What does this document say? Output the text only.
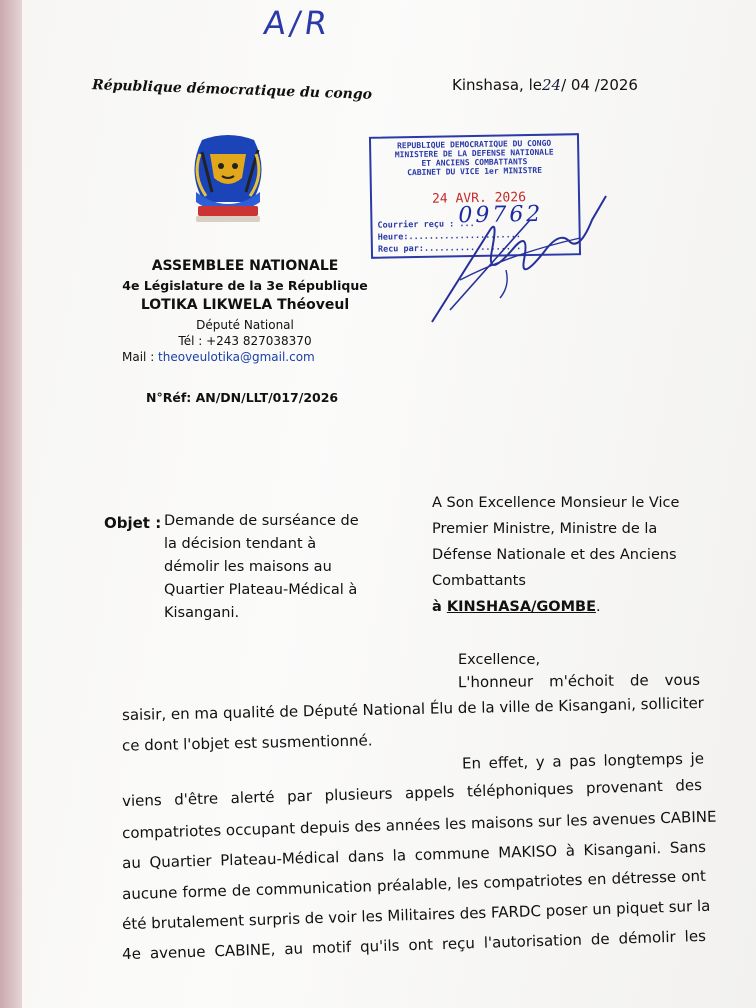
A/R
République démocratique du congo	Kinshasa, le24/ 04 /2026
REPUBLIQUE DEMOCRATIQUE DU CONGO
MINISTERE DE LA DEFENSE NATIONALE
ET ANCIENS COMBATTANTS
CABINET DU VICE 1er MINISTRE
24 AVR. 2026
Courrier reçu : ...
09762
Heure:......................
Recu par:...................
ASSEMBLEE NATIONALE
4e Législature de la 3e République
LOTIKA LIKWELA Théoveul
Député National
Tél : +243 827038370
Mail : theoveulotika@gmail.com
N°Réf: AN/DN/LLT/017/2026
Objet : Demande de surséance de
la décision tendant à
démolir les maisons au
Quartier Plateau-Médical à
Kisangani.
A Son Excellence Monsieur le Vice
Premier Ministre, Ministre de la
Défense Nationale et des Anciens
Combattants
à KINSHASA/GOMBE.
Excellence,
L'honneur m'échoit de vous
saisir, en ma qualité de Député National Élu de la ville de Kisangani, solliciter
ce dont l'objet est susmentionné.
En effet, y a pas longtemps je
viens d'être alerté par plusieurs appels téléphoniques provenant des
compatriotes occupant depuis des années les maisons sur les avenues CABINE
au Quartier Plateau-Médical dans la commune MAKISO à Kisangani. Sans
aucune forme de communication préalable, les compatriotes en détresse ont
été brutalement surpris de voir les Militaires des FARDC poser un piquet sur la
4e avenue CABINE, au motif qu'ils ont reçu l'autorisation de démolir les
